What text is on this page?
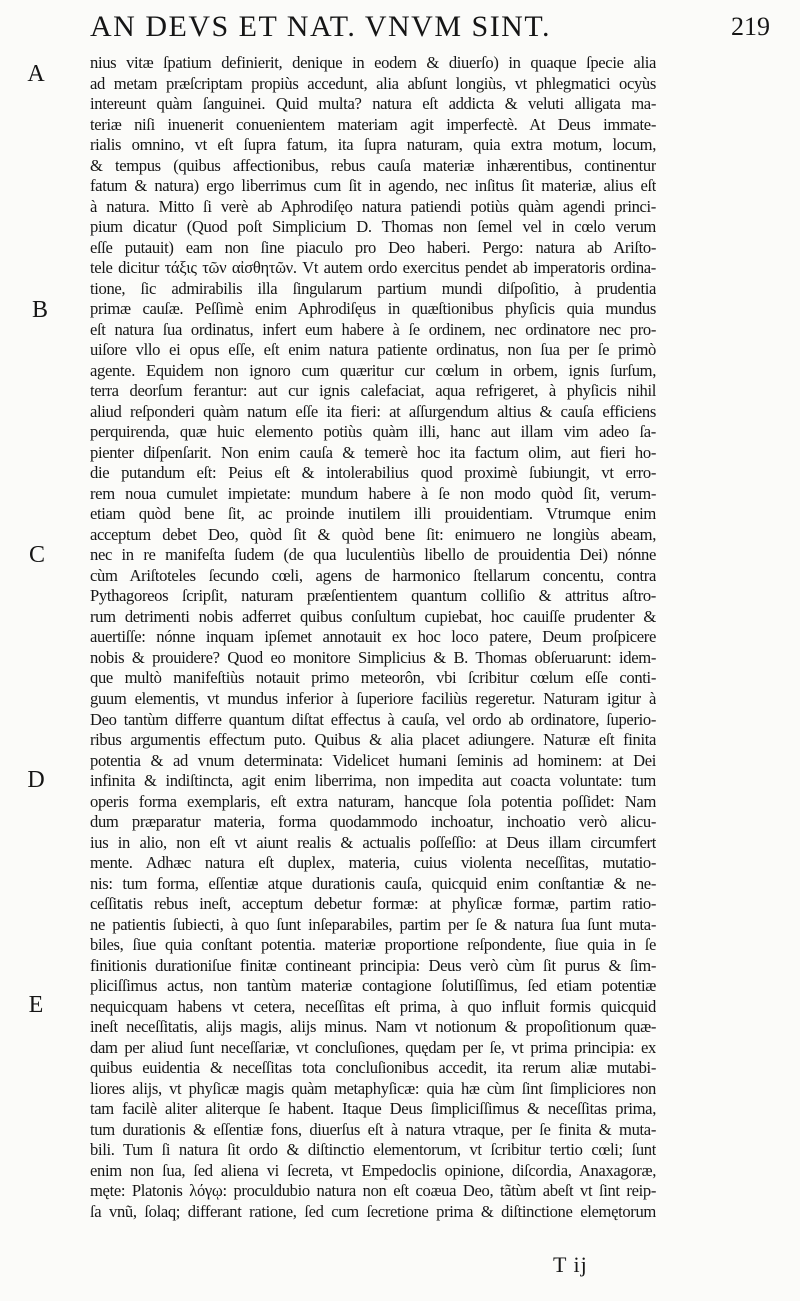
AN DEVS ET NAT. VNVM SINT.	219
A
B
C
D
E
nius vitæ ſpatium definierit, denique in eodem & diuerſo) in quaque ſpecie alia
ad metam præſcriptam propiùs accedunt, alia abſunt longiùs, vt phlegmatici ocyùs
intereunt quàm ſanguinei. Quid multa? natura eſt addicta & veluti alligata ma-
teriæ niſi inuenerit conuenientem materiam agit imperfectè. At Deus immate-
rialis omnino, vt eſt ſupra fatum, ita ſupra naturam, quia extra motum, locum,
& tempus (quibus affectionibus, rebus cauſa materiæ inhærentibus, continentur
fatum & natura) ergo liberrimus cum ſit in agendo, nec inſitus ſit materiæ, alius eſt
à natura. Mitto ſi verè ab Aphrodiſęo natura patiendi potiùs quàm agendi princi-
pium dicatur (Quod poſt Simplicium D. Thomas non ſemel vel in cœlo verum
eſſe putauit) eam non ſine piaculo pro Deo haberi. Pergo: natura ab Ariſto-
tele dicitur τάξις τῶν αἰσθητῶν. Vt autem ordo exercitus pendet ab imperatoris ordina-
tione, ſic admirabilis illa ſingularum partium mundi diſpoſitio, à prudentia
primæ cauſæ. Peſſimè enim Aphrodiſęus in quæſtionibus phyſicis quia mundus
eſt natura ſua ordinatus, infert eum habere à ſe ordinem, nec ordinatore nec pro-
uiſore vllo ei opus eſſe, eſt enim natura patiente ordinatus, non ſua per ſe primò
agente. Equidem non ignoro cum quæritur cur cœlum in orbem, ignis ſurſum,
terra deorſum ferantur: aut cur ignis calefaciat, aqua refrigeret, à phyſicis nihil
aliud reſponderi quàm natum eſſe ita fieri: at aſſurgendum altius & cauſa efficiens
perquirenda, quæ huic elemento potiùs quàm illi, hanc aut illam vim adeo ſa-
pienter diſpenſarit. Non enim cauſa & temerè hoc ita factum olim, aut fieri ho-
die putandum eſt: Peius eſt & intolerabilius quod proximè ſubiungit, vt erro-
rem noua cumulet impietate: mundum habere à ſe non modo quòd ſit, verum-
etiam quòd bene ſit, ac proinde inutilem illi prouidentiam. Vtrumque enim
acceptum debet Deo, quòd ſit & quòd bene ſit: enimuero ne longiùs abeam,
nec in re manifeſta ſudem (de qua luculentiùs libello de prouidentia Dei) nónne
cùm Ariſtoteles ſecundo cœli, agens de harmonico ſtellarum concentu, contra
Pythagoreos ſcripſit, naturam præſentientem quantum colliſio & attritus aſtro-
rum detrimenti nobis adferret quibus conſultum cupiebat, hoc cauiſſe prudenter &
auertiſſe: nónne inquam ipſemet annotauit ex hoc loco patere, Deum proſpicere
nobis & prouidere? Quod eo monitore Simplicius & B. Thomas obſeruarunt: idem-
que multò manifeſtiùs notauit primo meteorôn, vbi ſcribitur cœlum eſſe conti-
guum elementis, vt mundus inferior à ſuperiore faciliùs regeretur. Naturam igitur à
Deo tantùm differre quantum diſtat effectus à cauſa, vel ordo ab ordinatore, ſuperio-
ribus argumentis effectum puto. Quibus & alia placet adiungere. Naturæ eſt finita
potentia & ad vnum determinata: Videlicet humani ſeminis ad hominem: at Dei
infinita & indiſtincta, agit enim liberrima, non impedita aut coacta voluntate: tum
operis forma exemplaris, eſt extra naturam, hancque ſola potentia poſſidet: Nam
dum præparatur materia, forma quodammodo inchoatur, inchoatio verò alicu-
ius in alio, non eſt vt aiunt realis & actualis poſſeſſio: at Deus illam circumfert
mente. Adhæc natura eſt duplex, materia, cuius violenta neceſſitas, mutatio-
nis: tum forma, eſſentiæ atque durationis cauſa, quicquid enim conſtantiæ & ne-
ceſſitatis rebus ineſt, acceptum debetur formæ: at phyſicæ formæ, partim ratio-
ne patientis ſubiecti, à quo ſunt inſeparabiles, partim per ſe & natura ſua ſunt muta-
biles, ſiue quia conſtant potentia. materiæ proportione reſpondente, ſiue quia in ſe
finitionis durationiſue finitæ contineant principia: Deus verò cùm ſit purus & ſim-
pliciſſimus actus, non tantùm materiæ contagione ſolutiſſimus, ſed etiam potentiæ
nequicquam habens vt cetera, neceſſitas eſt prima, à quo influit formis quicquid
ineſt neceſſitatis, alijs magis, alijs minus. Nam vt notionum & propoſitionum quæ-
dam per aliud ſunt neceſſariæ, vt concluſiones, quędam per ſe, vt prima principia: ex
quibus euidentia & neceſſitas tota concluſionibus accedit, ita rerum aliæ mutabi-
liores alijs, vt phyſicæ magis quàm metaphyſicæ: quia hæ cùm ſint ſimpliciores non
tam facilè aliter aliterque ſe habent. Itaque Deus ſimpliciſſimus & neceſſitas prima,
tum durationis & eſſentiæ fons, diuerſus eſt à natura vtraque, per ſe finita & muta-
bili. Tum ſi natura ſit ordo & diſtinctio elementorum, vt ſcribitur tertio cœli; ſunt
enim non ſua, ſed aliena vi ſecreta, vt Empedoclis opinione, diſcordia, Anaxagoræ,
męte: Platonis λόγῳ: proculdubio natura non eſt coæua Deo, tãtùm abeſt vt ſint reip-
ſa vnũ, ſolaq; differant ratione, ſed cum ſecretione prima & diſtinctione elemętorum
T ij
